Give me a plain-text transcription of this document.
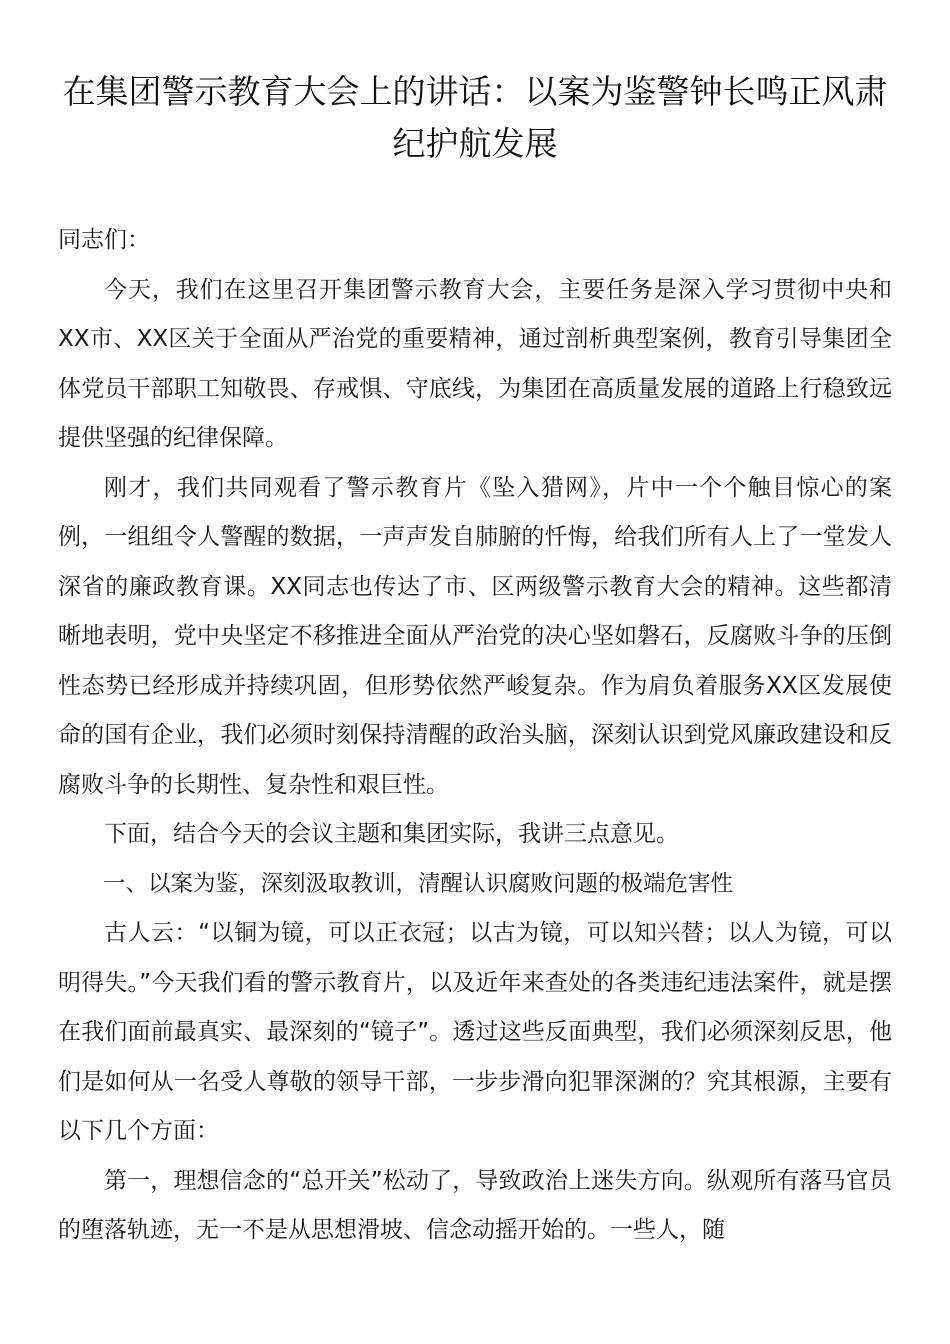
在集团警示教育大会上的讲话：以案为鉴警钟长鸣正风肃纪护航发展

同志们：

今天，我们在这里召开集团警示教育大会，主要任务是深入学习贯彻中央和XX市、XX区关于全面从严治党的重要精神，通过剖析典型案例，教育引导集团全体党员干部职工知敬畏、存戒惧、守底线，为集团在高质量发展的道路上行稳致远提供坚强的纪律保障。

刚才，我们共同观看了警示教育片《坠入猎网》，片中一个个触目惊心的案例，一组组令人警醒的数据，一声声发自肺腑的忏悔，给我们所有人上了一堂发人深省的廉政教育课。XX同志也传达了市、区两级警示教育大会的精神。这些都清晰地表明，党中央坚定不移推进全面从严治党的决心坚如磐石，反腐败斗争的压倒性态势已经形成并持续巩固，但形势依然严峻复杂。作为肩负着服务XX区发展使命的国有企业，我们必须时刻保持清醒的政治头脑，深刻认识到党风廉政建设和反腐败斗争的长期性、复杂性和艰巨性。

下面，结合今天的会议主题和集团实际，我讲三点意见。

一、以案为鉴，深刻汲取教训，清醒认识腐败问题的极端危害性

古人云：“以铜为镜，可以正衣冠；以古为镜，可以知兴替；以人为镜，可以明得失。”今天我们看的警示教育片，以及近年来查处的各类违纪违法案件，就是摆在我们面前最真实、最深刻的“镜子”。透过这些反面典型，我们必须深刻反思，他们是如何从一名受人尊敬的领导干部，一步步滑向犯罪深渊的？究其根源，主要有以下几个方面：

第一，理想信念的“总开关”松动了，导致政治上迷失方向。纵观所有落马官员的堕落轨迹，无一不是从思想滑坡、信念动摇开始的。一些人，随
